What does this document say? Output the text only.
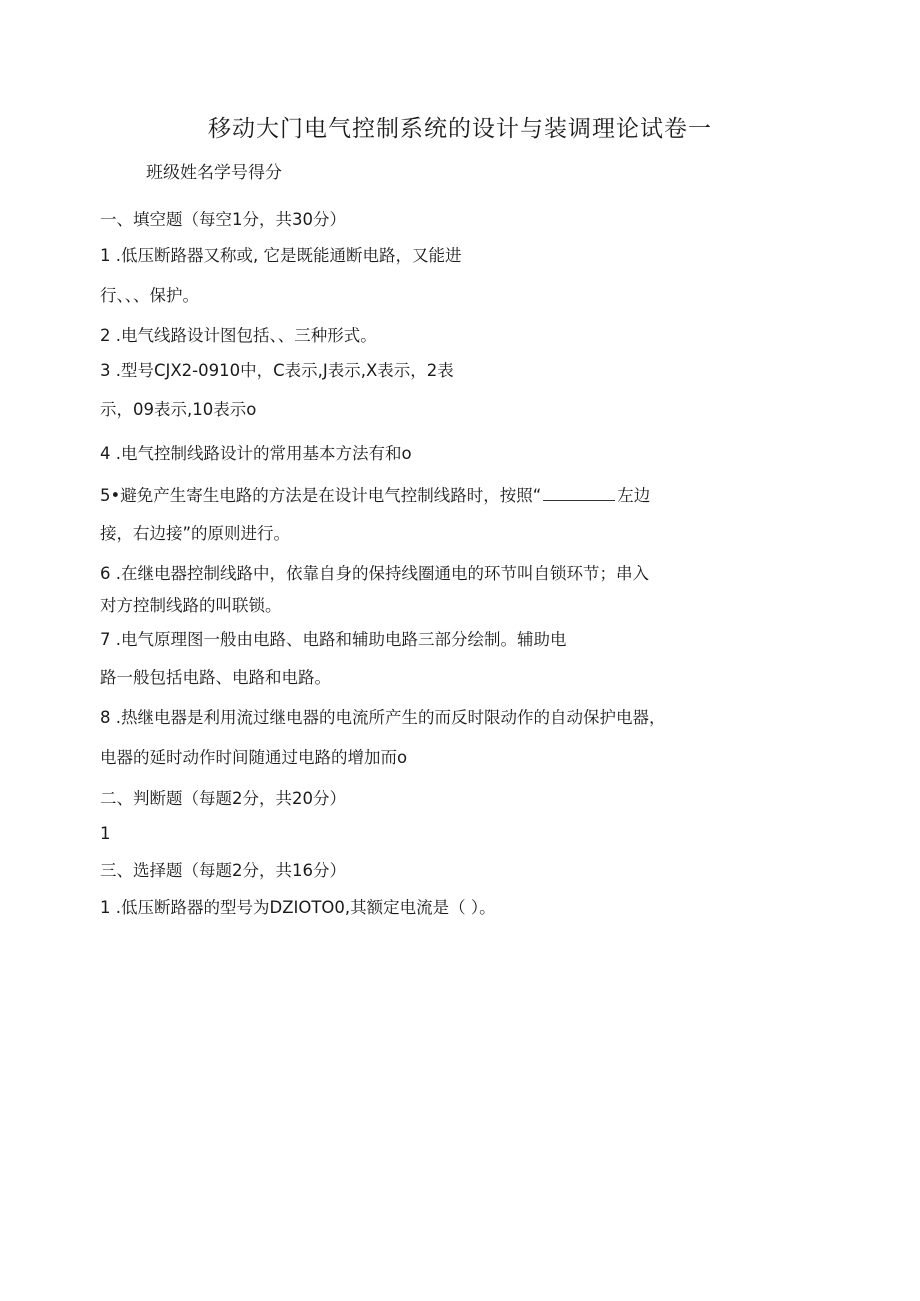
移动大门电气控制系统的设计与装调理论试卷一
班级姓名学号得分
一、填空题（每空1分，共30分）
1 .低压断路器又称或, 它是既能通断电路，又能进
行、、、保护。
2 .电气线路设计图包括、、三种形式。
3 .型号CJX2-0910中，C表示,J表示,X表示，2表
示，09表示,10表示o
4 .电气控制线路设计的常用基本方法有和o
5•避免产生寄生电路的方法是在设计电气控制线路时，按照“	左边
接，右边接”的原则进行。
6 .在继电器控制线路中，依靠自身的保持线圈通电的环节叫自锁环节；串入
对方控制线路的叫联锁。
7 .电气原理图一般由电路、电路和辅助电路三部分绘制。辅助电
路一般包括电路、电路和电路。
8 .热继电器是利用流过继电器的电流所产生的而反时限动作的自动保护电器，
电器的延时动作时间随通过电路的增加而o
二、判断题（每题2分，共20分）
1
三、选择题（每题2分，共16分）
1 .低压断路器的型号为DZIOTO0,其额定电流是（ ）。
